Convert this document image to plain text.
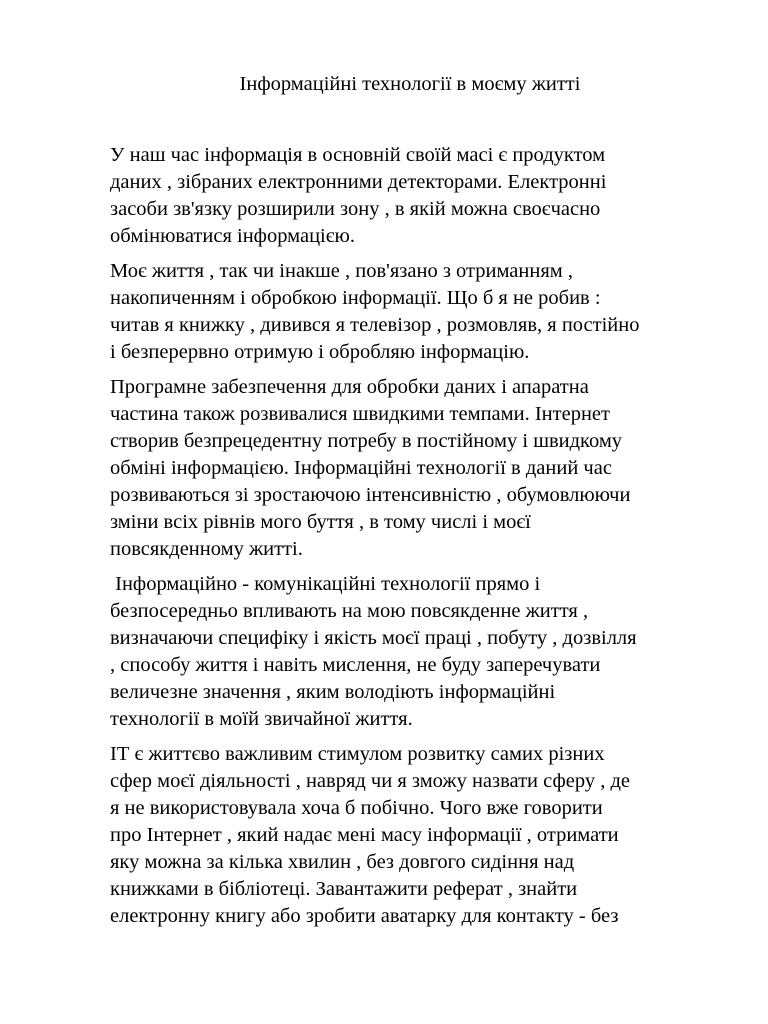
Інформаційні технології в моєму житті

У наш час інформація в основній своїй масі є продуктом
даних , зібраних електронними детекторами. Електронні
засоби зв'язку розширили зону , в якій можна своєчасно
обмінюватися інформацією.

Моє життя , так чи інакше , пов'язано з отриманням ,
накопиченням і обробкою інформації. Що б я не робив :
читав я книжку , дивився я телевізор , розмовляв, я постійно
і безперервно отримую і обробляю інформацію.

Програмне забезпечення для обробки даних і апаратна
частина також розвивалися швидкими темпами. Інтернет
створив безпрецедентну потребу в постійному і швидкому
обміні інформацією. Інформаційні технології в даний час
розвиваються зі зростаючою інтенсивністю , обумовлюючи
зміни всіх рівнів мого буття , в тому числі і моєї
повсякденному житті.

Інформаційно - комунікаційні технології прямо і
безпосередньо впливають на мою повсякденне життя ,
визначаючи специфіку і якість моєї праці , побуту , дозвілля
, способу життя і навіть мислення, не буду заперечувати
величезне значення , яким володіють інформаційні
технології в моїй звичайної життя.

ІТ є життєво важливим стимулом розвитку самих різних
сфер моєї діяльності , навряд чи я зможу назвати сферу , де
я не використовувала хоча б побічно. Чого вже говорити
про Інтернет , який надає мені масу інформації , отримати
яку можна за кілька хвилин , без довгого сидіння над
книжками в бібліотеці. Завантажити реферат , знайти
електронну книгу або зробити аватарку для контакту - без
